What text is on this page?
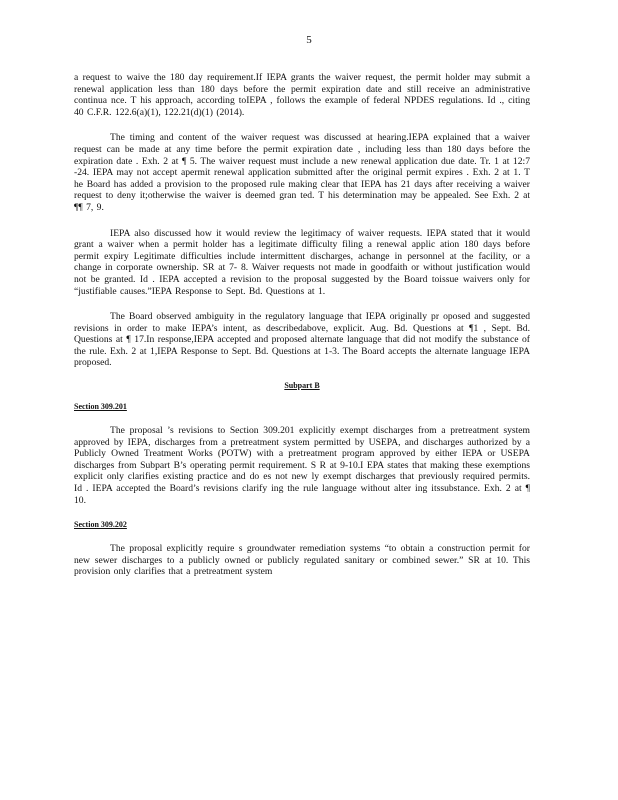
5

a request to waive the 180 day requirement.If IEPA grants the waiver request, the permit holder may submit a renewal application less than 180 days before the permit expiration date and still receive an administrative continua nce. T his approach, according toIEPA , follows the example of federal NPDES regulations. Id ., citing 40 C.F.R. 122.6(a)(1), 122.21(d)(1) (2014).

The timing and content of the waiver request was discussed at hearing.IEPA explained that a waiver request can be made at any time before the permit expiration date , including less than 180 days before the expiration date . Exh. 2 at ¶ 5. The waiver request must include a new renewal application due date. Tr. 1 at 12:7 -24. IEPA may not accept apermit renewal application submitted after the original permit expires . Exh. 2 at 1. T he Board has added a provision to the proposed rule making clear that IEPA has 21 days after receiving a waiver request to deny it;otherwise the waiver is deemed gran ted. T his determination may be appealed. See Exh. 2 at ¶¶ 7, 9.

IEPA also discussed how it would review the legitimacy of waiver requests. IEPA stated that it would grant a waiver when a permit holder has a legitimate difficulty filing a renewal applic ation 180 days before permit expiry Legitimate difficulties include intermittent discharges, achange in personnel at the facility, or a change in corporate ownership. SR at 7- 8. Waiver requests not made in goodfaith or without justification would not be granted. Id . IEPA accepted a revision to the proposal suggested by the Board toissue waivers only for “justifiable causes.”IEPA Response to Sept. Bd. Questions at 1.

The Board observed ambiguity in the regulatory language that IEPA originally pr oposed and suggested revisions in order to make IEPA’s intent, as describedabove, explicit. Aug. Bd. Questions at ¶1 , Sept. Bd. Questions at ¶ 17.In response,IEPA accepted and proposed alternate language that did not modify the substance of the rule. Exh. 2 at 1,IEPA Response to Sept. Bd. Questions at 1-3. The Board accepts the alternate language IEPA proposed.

Subpart B
Section 309.201

The proposal ’s revisions to Section 309.201 explicitly exempt discharges from a pretreatment system approved by IEPA, discharges from a pretreatment system permitted by USEPA, and discharges authorized by a Publicly Owned Treatment Works (POTW) with a pretreatment program approved by either IEPA or USEPA discharges from Subpart B’s operating permit requirement. S R at 9-10.I EPA states that making these exemptions explicit only clarifies existing practice and do es not new ly exempt discharges that previously required permits. Id . IEPA accepted the Board’s revisions clarify ing the rule language without alter ing itssubstance. Exh. 2 at ¶ 10.

Section 309.202

The proposal explicitly require s groundwater remediation systems “to obtain a construction permit for new sewer discharges to a publicly owned or publicly regulated sanitary or combined sewer.” SR at 10. This provision only clarifies that a pretreatment system
